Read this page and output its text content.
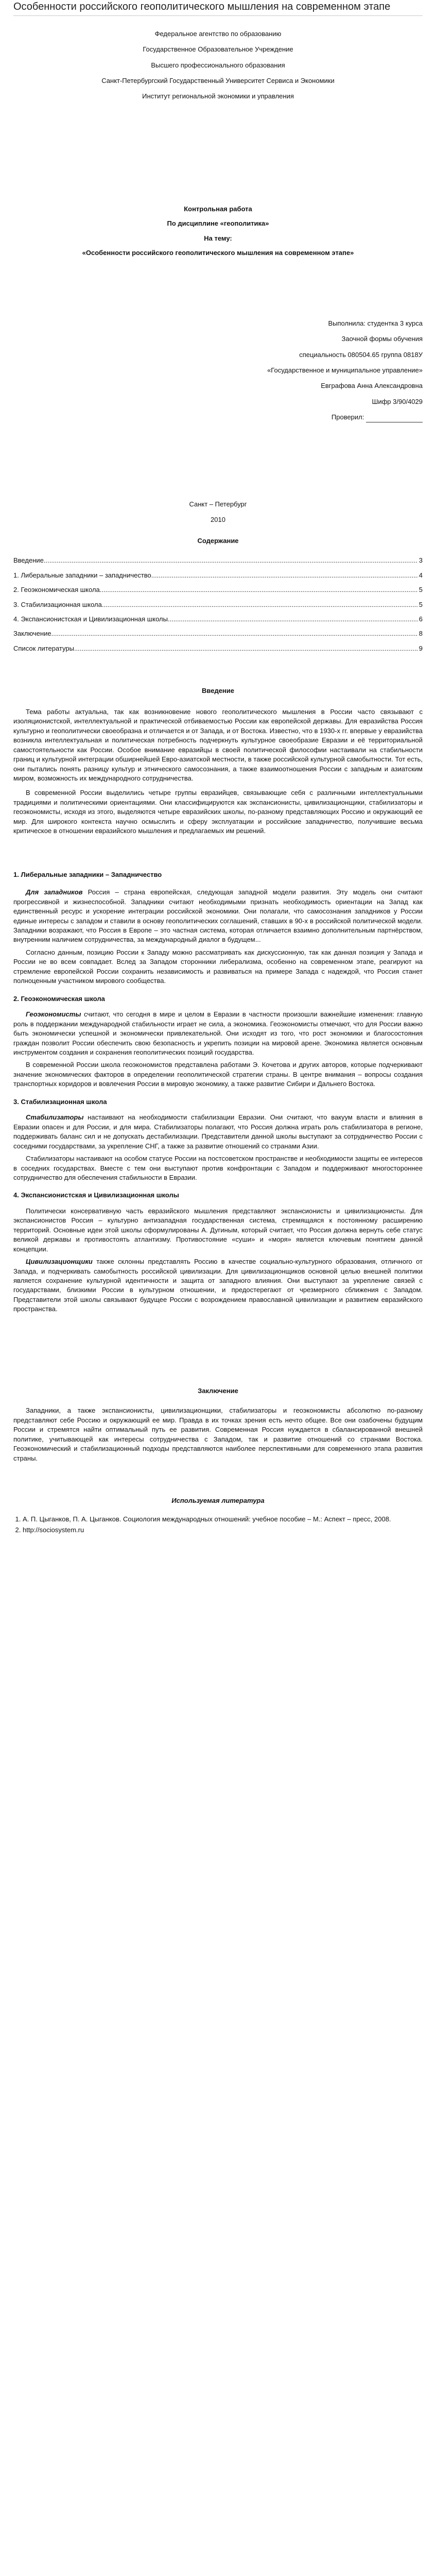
Особенности российского геополитического мышления на современном этапе
Федеральное агентство по образованию
Государственное Образовательное Учреждение
Высшего профессионального образования
Санкт-Петербургский Государственный Университет Сервиса и Экономики
Институт региональной экономики и управления
Контрольная работа
По дисциплине «геополитика»
На тему:
«Особенности российского геополитического мышления на современном этапе»
Выполнила: студентка 3 курса
Заочной формы обучения
специальность 080504.65 группа 0818У
«Государственное и муниципальное управление»
Евграфова Анна Александровна
Шифр 3/90/4029
Проверил:
Санкт – Петербург
2010
Содержание
Введение .....	3
1. Либеральные западники – западничество .....	4
2. Геоэкономическая школа .....	5
3. Стабилизационная школа .....	5
4. Экспансионистская и Цивилизационная школы .....	6
Заключение .....	8
Список литературы .....	9
Введение

Тема работы актуальна, так как возникновение нового геополитического мышления в России часто связывают с изоляционистской, интеллектуальной и практической отбиваемостью России как европейской державы. Для евразийства Россия культурно и геополитически своеобразна и отличается и от Запада, и от Востока. Известно, что в 1930-х гг. впервые у евразийства возникла интеллектуальная и политическая потребность подчеркнуть культурное своеобразие Евразии и её территориальной самостоятельности как России. Особое внимание евразийцы в своей политической философии настаивали на стабильности границ и культурной интеграции обширнейшей Евро-азиатской местности, в также российской культурной самобытности. Тот есть, они пытались понять разницу культур и этнического самосознания, а также взаимоотношения России с западным и азиатским миром, возможность их международного сотрудничества.

В современной России выделились четыре группы евразийцев, связывающие себя с различными интеллектуальными традициями и политическими ориентациями. Они классифицируются как экспансионисты, цивилизационщики, стабилизаторы и геоэкономисты, исходя из этого, выделяются четыре евразийских школы, по-разному представляющих Россию и окружающий ее мир. Для широкого контекста научно осмыслить и сферу эксплуатации и российские западничество, получившие весьма критическое в отношении евразийского мышления и предлагаемых им решений.

1. Либеральные западники – Западничество

Для западников Россия – страна европейская, следующая западной модели развития. Эту модель они считают прогрессивной и жизнеспособной. Западники считают необходимыми признать необходимость ориентации на Запад как единственный ресурс и ускорение интеграции российской экономики. Они полагали, что самосознания западников у России единые интересы с западом и ставили в основу геополитических соглашений, ставших в 90-х в российской политической модели. Западники возражают, что Россия в Европе – это частная система, которая отличается взаимно дополнительным партнёрством, внутренним наличием сотрудничества, за международный диалог в будущем...

Согласно данным, позицию России к Западу можно рассматривать как дискуссионную, так как данная позиция у Запада и России не во всем совпадает. Вслед за Западом сторонники либерализма, особенно на современном этапе, реагируют на стремление европейской России сохранить независимость и развиваться на примере Запада с надеждой, что Россия станет полноценным участником мирового сообщества.

2. Геоэкономическая школа

Геоэкономисты считают, что сегодня в мире и целом в Евразии в частности произошли важнейшие изменения: главную роль в поддержании международной стабильности играет не сила, а экономика. Геоэкономисты отмечают, что для России важно быть экономически успешной и экономически привлекательной. Они исходят из того, что рост экономики и благосостояния граждан позволит России обеспечить свою безопасность и укрепить позиции на мировой арене. Экономика является основным инструментом создания и сохранения геополитических позиций государства.

В современной России школа геоэкономистов представлена работами Э. Кочетова и других авторов, которые подчеркивают значение экономических факторов в определении геополитической стратегии страны. В центре внимания – вопросы создания транспортных коридоров и вовлечения России в мировую экономику, а также развитие Сибири и Дальнего Востока.

3. Стабилизационная школа

Стабилизаторы настаивают на необходимости стабилизации Евразии. Они считают, что вакуум власти и влияния в Евразии опасен и для России, и для мира. Стабилизаторы полагают, что Россия должна играть роль стабилизатора в регионе, поддерживать баланс сил и не допускать дестабилизации. Представители данной школы выступают за сотрудничество России с соседними государствами, за укрепление СНГ, а также за развитие отношений со странами Азии.

Стабилизаторы настаивают на особом статусе России на постсоветском пространстве и необходимости защиты ее интересов в соседних государствах. Вместе с тем они выступают против конфронтации с Западом и поддерживают многостороннее сотрудничество для обеспечения стабильности в Евразии.

4. Экспансионистская и Цивилизационная школы

Политически консервативную часть евразийского мышления представляют экспансионисты и цивилизационисты. Для экспансионистов Россия – культурно антизападная государственная система, стремящаяся к постоянному расширению территорий. Основные идеи этой школы сформулированы А. Дугиным, который считает, что Россия должна вернуть себе статус великой державы и противостоять атлантизму. Противостояние «суши» и «моря» является ключевым понятием данной концепции.

Цивилизационщики также склонны представлять Россию в качестве социально-культурного образования, отличного от Запада, и подчеркивать самобытность российской цивилизации. Для цивилизационщиков основной целью внешней политики является сохранение культурной идентичности и защита от западного влияния. Они выступают за укрепление связей с государствами, близкими России в культурном отношении, и предостерегают от чрезмерного сближения с Западом. Представители этой школы связывают будущее России с возрождением православной цивилизации и развитием евразийского пространства.

Заключение

Западники, а также экспансионисты, цивилизационщики, стабилизаторы и геоэкономисты абсолютно по-разному представляют себе Россию и окружающий ее мир. Правда в их точках зрения есть нечто общее. Все они озабочены будущим России и стремятся найти оптимальный путь ее развития. Современная Россия нуждается в сбалансированной внешней политике, учитывающей как интересы сотрудничества с Западом, так и развитие отношений со странами Востока. Геоэкономический и стабилизационный подходы представляются наиболее перспективными для современного этапа развития страны.

Используемая литература
1. А. П. Цыганков, П. А. Цыганков. Социология международных отношений: учебное пособие – М.: Аспект – пресс, 2008.
2. http://sociosystem.ru
